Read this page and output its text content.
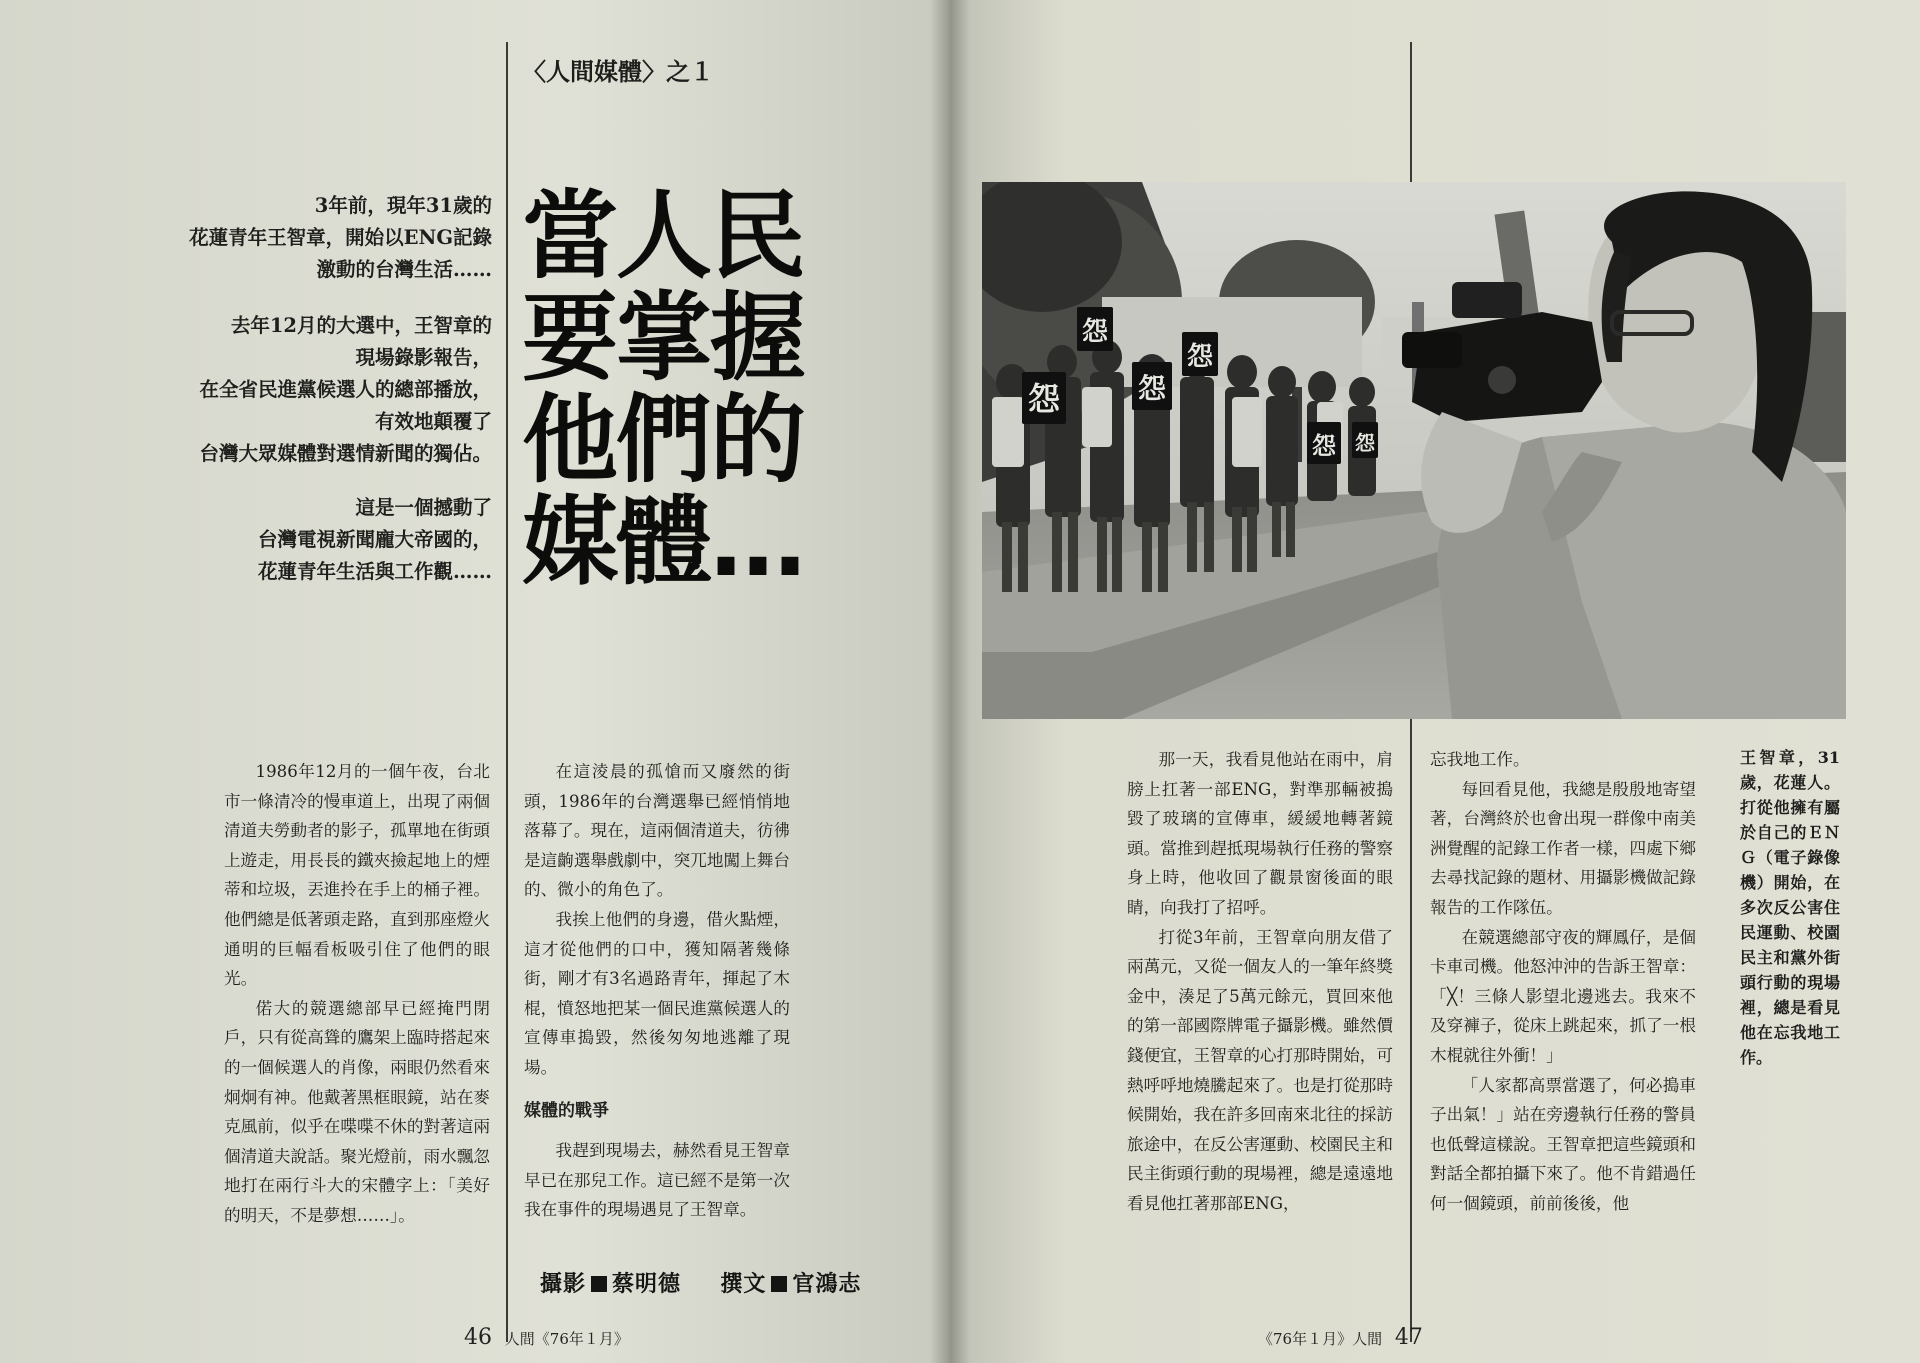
〈人間媒體〉之１

3年前，現年31歲的

花蓮青年王智章，開始以ENG記錄

激動的台灣生活……

去年12月的大選中，王智章的

現場錄影報告，

在全省民進黨候選人的總部播放，

有效地顛覆了

台灣大眾媒體對選情新聞的獨佔。

這是一個撼動了

台灣電視新聞龐大帝國的，

花蓮青年生活與工作觀……

當人民
要掌握
他們的
媒體…

1986年12月的一個午夜，台北市一條清冷的慢車道上，出現了兩個清道夫勞動者的影子，孤單地在街頭上遊走，用長長的鐵夾撿起地上的煙蒂和垃圾，丟進拎在手上的桶子裡。他們總是低著頭走路，直到那座燈火通明的巨幅看板吸引住了他們的眼光。

偌大的競選總部早已經掩門閉戶，只有從高聳的鷹架上臨時搭起來的一個候選人的肖像，兩眼仍然看來炯炯有神。他戴著黑框眼鏡，站在麥克風前，似乎在喋喋不休的對著這兩個清道夫說話。聚光燈前，雨水飄忽地打在兩行斗大的宋體字上：「美好的明天，不是夢想……」。

在這淩晨的孤愴而又廢然的街頭，1986年的台灣選舉已經悄悄地落幕了。現在，這兩個清道夫，彷彿是這齣選舉戲劇中，突兀地闖上舞台的、微小的角色了。

我挨上他們的身邊，借火點煙，這才從他們的口中，獲知隔著幾條街，剛才有3名過路青年，揮起了木棍，憤怒地把某一個民進黨候選人的宣傳車搗毀，然後匆匆地逃離了現場。

媒體的戰爭

我趕到現場去，赫然看見王智章早已在那兒工作。這已經不是第一次我在事件的現場遇見了王智章。

攝影 蔡明德 撰文 官鴻志
46 人間《76年１月》
怨
怨
怨
怨
怨 怨

那一天，我看見他站在雨中，肩膀上扛著一部ENG，對準那輛被搗毀了玻璃的宣傳車，緩緩地轉著鏡頭。當推到趕抵現場執行任務的警察身上時，他收回了觀景窗後面的眼睛，向我打了招呼。

打從3年前，王智章向朋友借了兩萬元，又從一個友人的一筆年終獎金中，湊足了5萬元餘元，買回來他的第一部國際牌電子攝影機。雖然價錢便宜，王智章的心打那時開始，可熱呼呼地燒騰起來了。也是打從那時候開始，我在許多回南來北往的採訪旅途中，在反公害運動、校園民主和民主街頭行動的現場裡，總是遠遠地看見他扛著那部ENG，

忘我地工作。

每回看見他，我總是殷殷地寄望著，台灣終於也會出現一群像中南美洲覺醒的記錄工作者一樣，四處下鄉去尋找記錄的題材、用攝影機做記錄報告的工作隊伍。

在競選總部守夜的輝鳳仔，是個卡車司機。他怒沖沖的告訴王智章：「╳！三條人影望北邊逃去。我來不及穿褲子，從床上跳起來，抓了一根木棍就往外衝！」

「人家都高票當選了，何必搗車子出氣！」站在旁邊執行任務的警員也低聲這樣說。王智章把這些鏡頭和對話全都拍攝下來了。他不肯錯過任何一個鏡頭，前前後後，他

王智章，31歲，花蓮人。打從他擁有屬於自己的ＥＮＧ（電子錄像機）開始，在多次反公害住民運動、校園民主和黨外街頭行動的現場裡，總是看見他在忘我地工作。
《76年１月》人間 47
